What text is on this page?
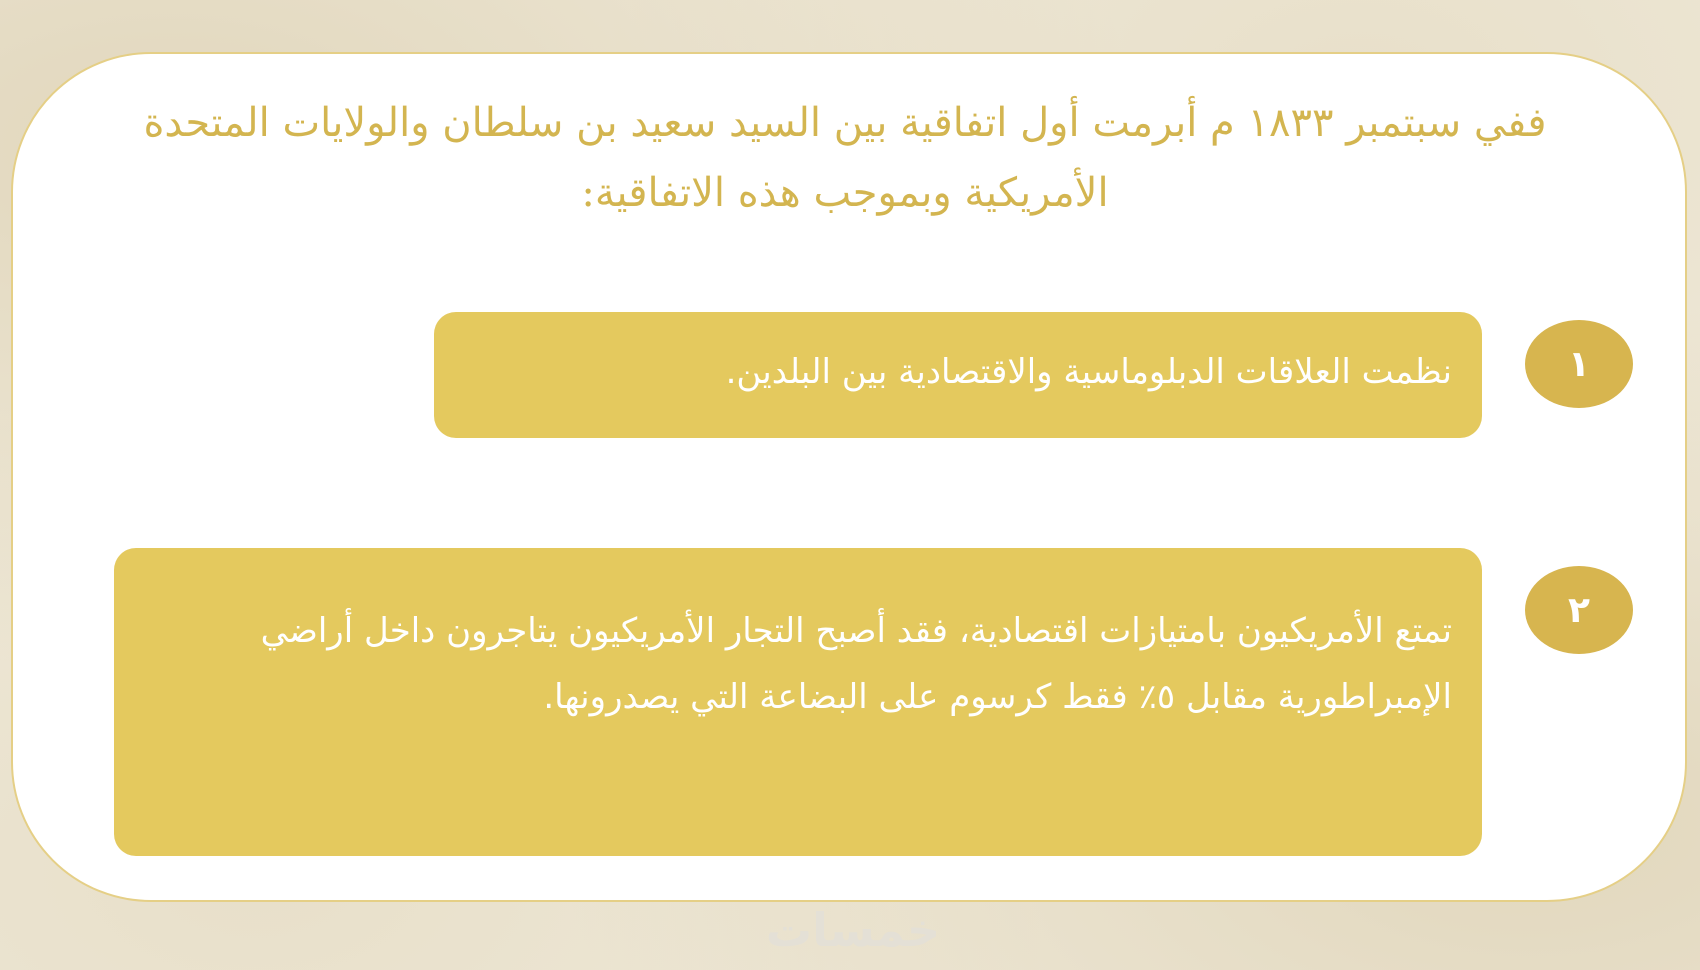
ففي سبتمبر ١٨٣٣ م أبرمت أول اتفاقية بين السيد سعيد بن سلطان والولايات المتحدة الأمريكية وبموجب هذه الاتفاقية:
١
نظمت العلاقات الدبلوماسية والاقتصادية بين البلدين.
٢
تمتع الأمريكيون بامتيازات اقتصادية، فقد أصبح التجار الأمريكيون يتاجرون داخل أراضي الإمبراطورية مقابل ٥٪ فقط كرسوم على البضاعة التي يصدرونها.
خمسات
